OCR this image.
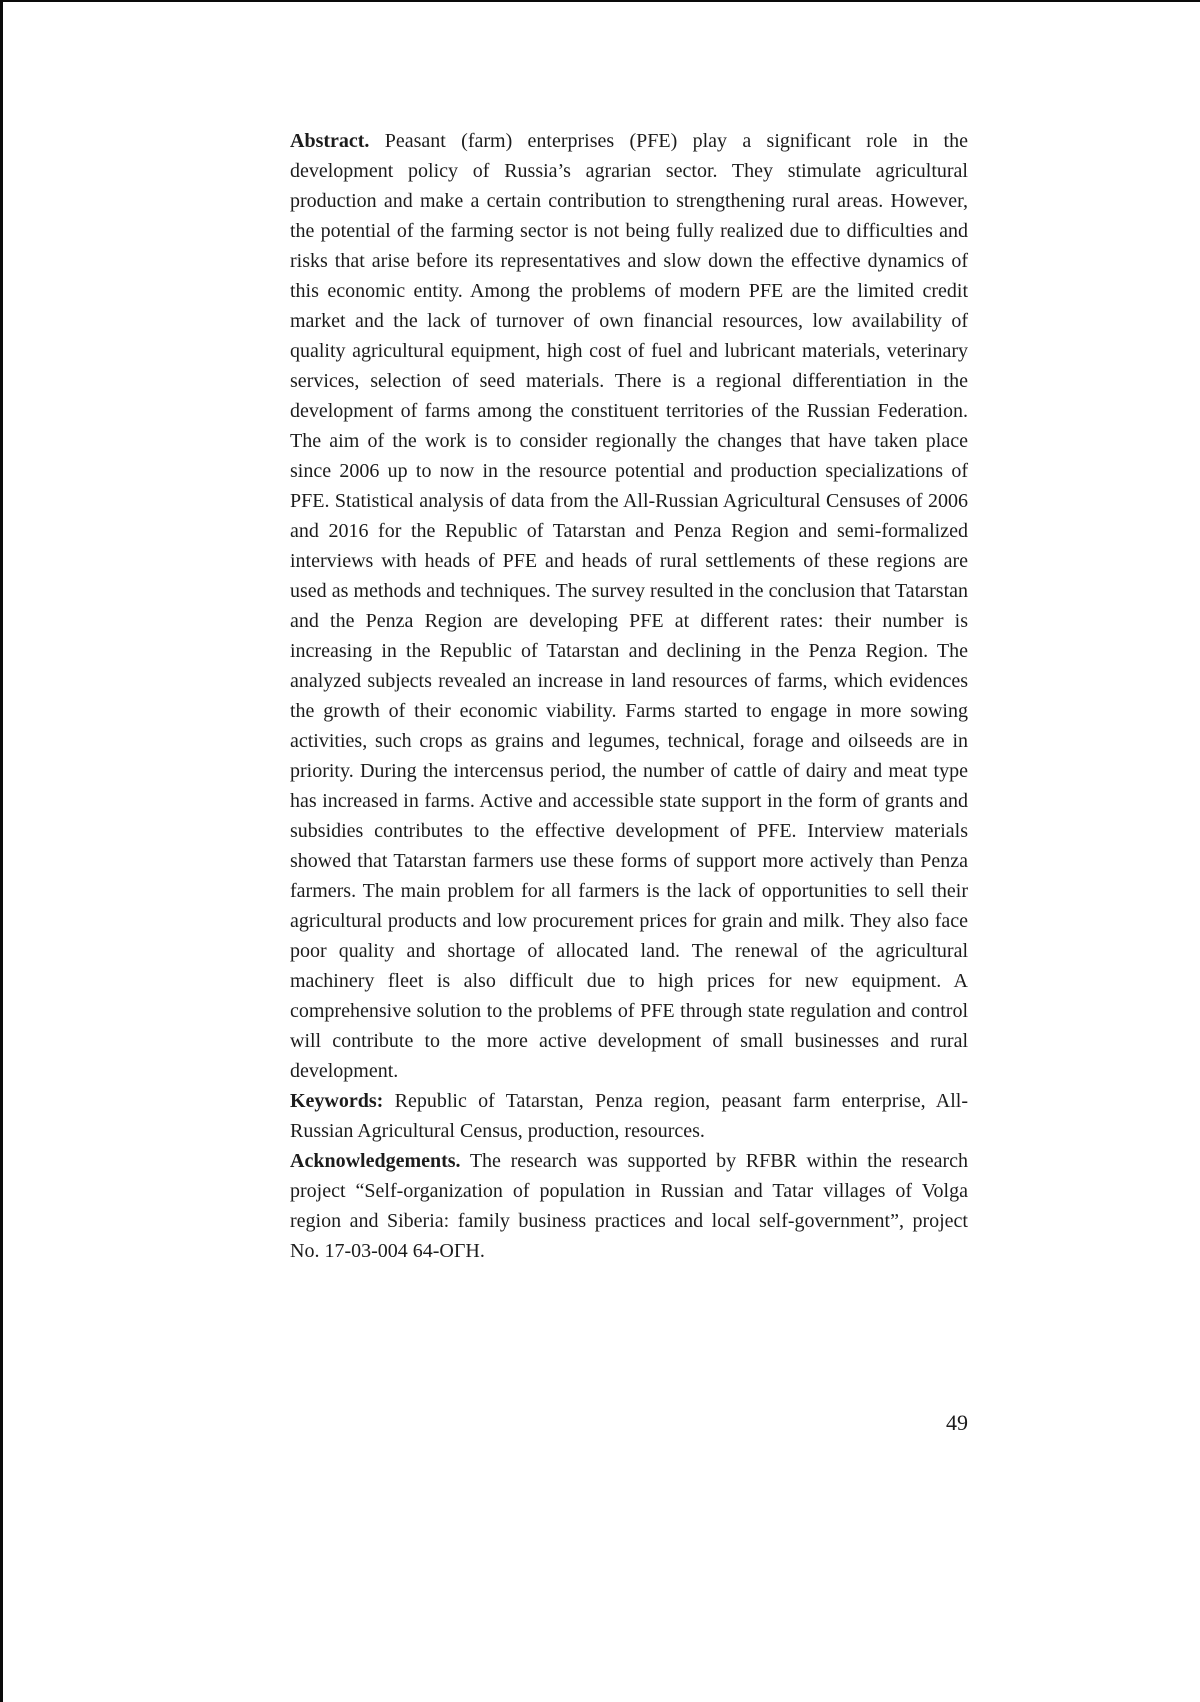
Abstract. Peasant (farm) enterprises (PFE) play a significant role in the development policy of Russia’s agrarian sector. They stimulate agricultural production and make a certain contribution to strengthening rural areas. However, the potential of the farming sector is not being fully realized due to difficulties and risks that arise before its representatives and slow down the effective dynamics of this economic entity. Among the problems of modern PFE are the limited credit market and the lack of turnover of own financial resources, low availability of quality agricultural equipment, high cost of fuel and lubricant materials, veterinary services, selection of seed materials. There is a regional differentiation in the development of farms among the constituent territories of the Russian Federation. The aim of the work is to consider regionally the changes that have taken place since 2006 up to now in the resource potential and production specializations of PFE. Statistical analysis of data from the All-Russian Agricultural Censuses of 2006 and 2016 for the Republic of Tatarstan and Penza Region and semi-formalized interviews with heads of PFE and heads of rural settlements of these regions are used as methods and techniques. The survey resulted in the conclusion that Tatarstan and the Penza Region are developing PFE at different rates: their number is increasing in the Republic of Tatarstan and declining in the Penza Region. The analyzed subjects revealed an increase in land resources of farms, which evidences the growth of their economic viability. Farms started to engage in more sowing activities, such crops as grains and legumes, technical, forage and oilseeds are in priority. During the intercensus period, the number of cattle of dairy and meat type has increased in farms. Active and accessible state support in the form of grants and subsidies contributes to the effective development of PFE. Interview materials showed that Tatarstan farmers use these forms of support more actively than Penza farmers. The main problem for all farmers is the lack of opportunities to sell their agricultural products and low procurement prices for grain and milk. They also face poor quality and shortage of allocated land. The renewal of the agricultural machinery fleet is also difficult due to high prices for new equipment. A comprehensive solution to the problems of PFE through state regulation and control will contribute to the more active development of small businesses and rural development.

Keywords: Republic of Tatarstan, Penza region, peasant farm enterprise, All-Russian Agricultural Census, production, resources.

Acknowledgements. The research was supported by RFBR within the research project “Self-organization of population in Russian and Tatar villages of Volga region and Siberia: family business practices and local self-government”, project No. 17-03-004 64-ОГН.

49
